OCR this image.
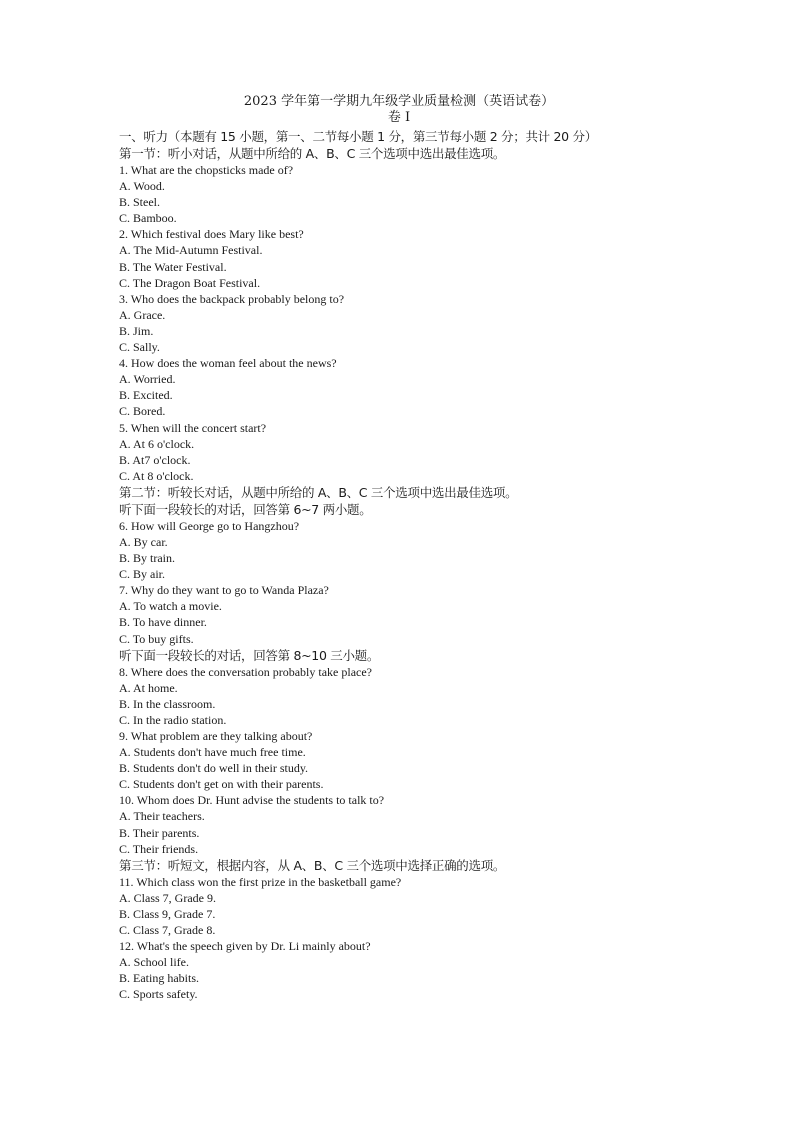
2023 学年第一学期九年级学业质量检测（英语试卷）
卷 I
一、听力（本题有 15 小题，第一、二节每小题 1 分，第三节每小题 2 分；共计 20 分）
第一节：听小对话，从题中所给的 A、B、C 三个选项中选出最佳选项。
1. What are the chopsticks made of?
A. Wood.
B. Steel.
C. Bamboo.
2. Which festival does Mary like best?
A. The Mid-Autumn Festival.
B. The Water Festival.
C. The Dragon Boat Festival.
3. Who does the backpack probably belong to?
A. Grace.
B. Jim.
C. Sally.
4. How does the woman feel about the news?
A. Worried.
B. Excited.
C. Bored.
5. When will the concert start?
A. At 6 o'clock.
B. At7 o'clock.
C. At 8 o'clock.
第二节：听较长对话，从题中所给的 A、B、C 三个选项中选出最佳选项。
听下面一段较长的对话，回答第 6~7 两小题。
6. How will George go to Hangzhou?
A. By car.
B. By train.
C. By air.
7. Why do they want to go to Wanda Plaza?
A. To watch a movie.
B. To have dinner.
C. To buy gifts.
听下面一段较长的对话，回答第 8~10 三小题。
8. Where does the conversation probably take place?
A. At home.
B. In the classroom.
C. In the radio station.
9. What problem are they talking about?
A. Students don't have much free time.
B. Students don't do well in their study.
C. Students don't get on with their parents.
10. Whom does Dr. Hunt advise the students to talk to?
A. Their teachers.
B. Their parents.
C. Their friends.
第三节：听短文，根据内容，从 A、B、C 三个选项中选择正确的选项。
11. Which class won the first prize in the basketball game?
A. Class 7, Grade 9.
B. Class 9, Grade 7.
C. Class 7, Grade 8.
12. What's the speech given by Dr. Li mainly about?
A. School life.
B. Eating habits.
C. Sports safety.
